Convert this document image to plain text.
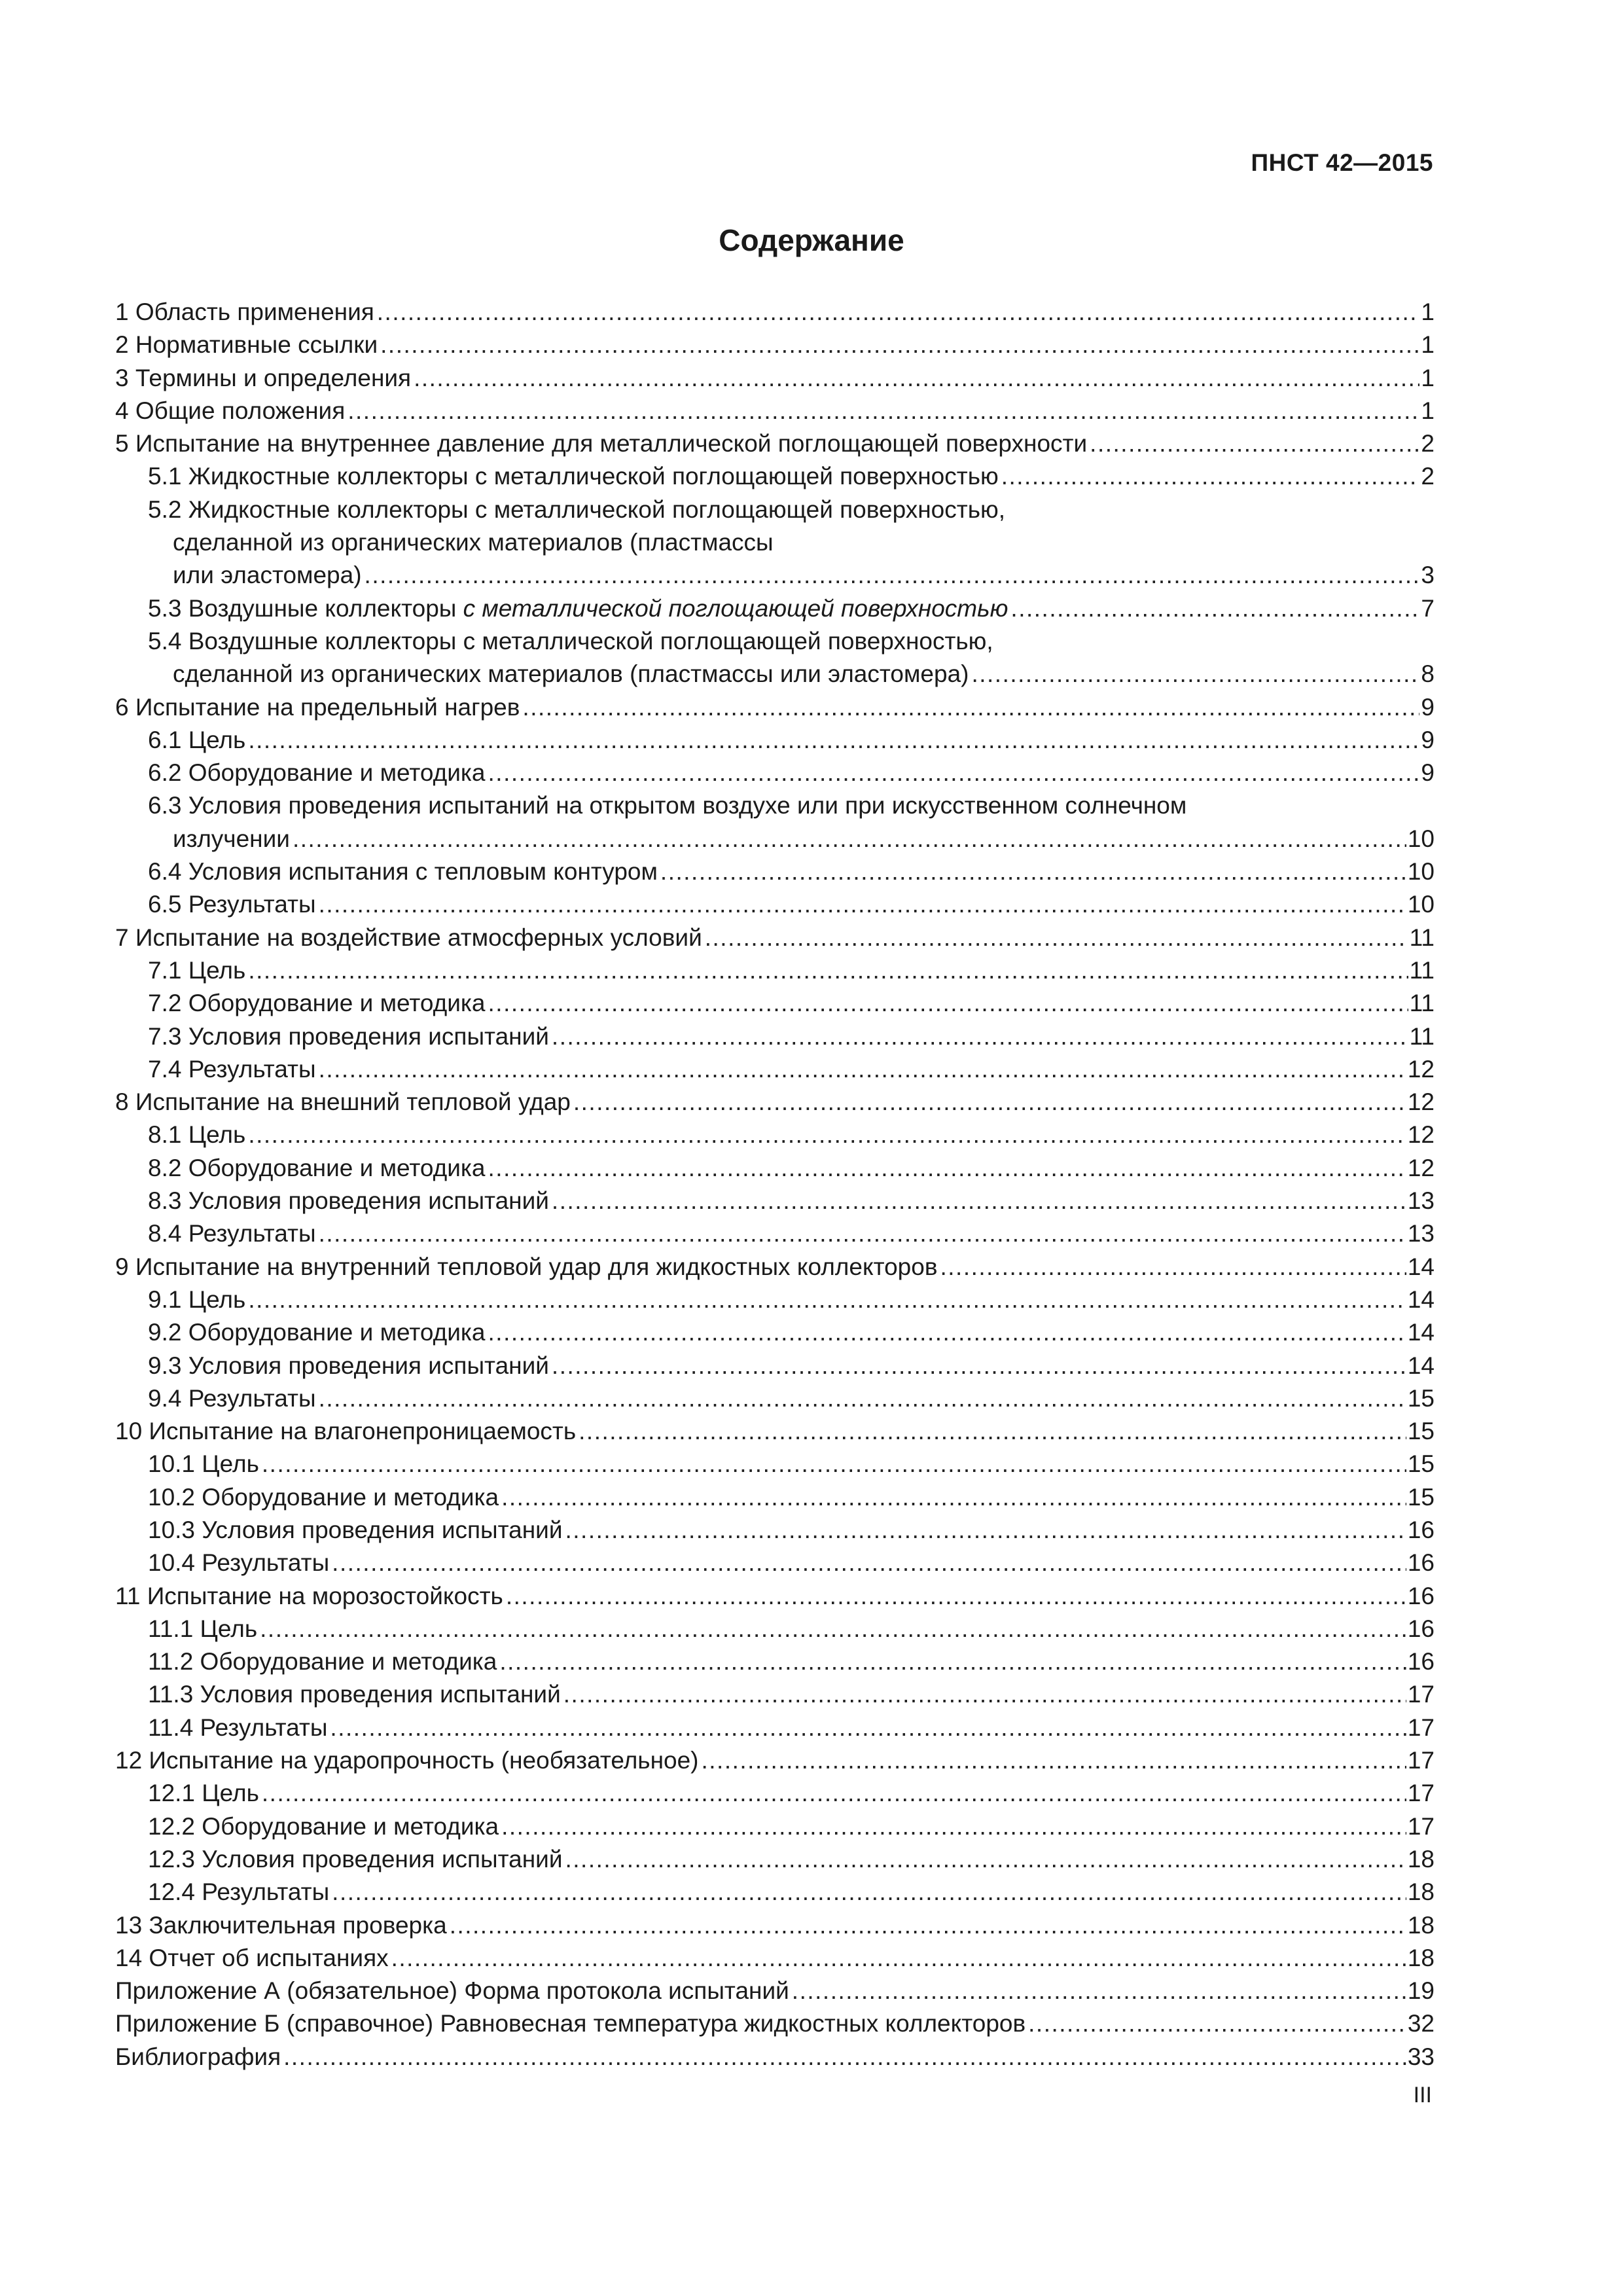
ПНСТ 42—2015
Содержание
1 Область применения .....	1
2 Нормативные ссылки .....	1
3 Термины и определения .....	1
4 Общие положения .....	1
5 Испытание на внутреннее давление для металлической поглощающей поверхности .....	2
5.1 Жидкостные коллекторы с металлической поглощающей поверхностью .....	2
5.2 Жидкостные коллекторы с металлической поглощающей поверхностью,
сделанной из органических материалов (пластмассы
или эластомера) .....	3
5.3 Воздушные коллекторы с металлической поглощающей поверхностью .....	7
5.4 Воздушные коллекторы с металлической поглощающей поверхностью,
сделанной из органических материалов (пластмассы или эластомера) .....	8
6 Испытание на предельный нагрев .....	9
6.1 Цель .....	9
6.2 Оборудование и методика .....	9
6.3 Условия проведения испытаний на открытом воздухе или при искусственном солнечном
излучении .....	10
6.4 Условия испытания с тепловым контуром .....	10
6.5 Результаты .....	10
7 Испытание на воздействие атмосферных условий .....	11
7.1 Цель .....	11
7.2 Оборудование и методика .....	11
7.3 Условия проведения испытаний .....	11
7.4 Результаты .....	12
8 Испытание на внешний тепловой удар .....	12
8.1 Цель .....	12
8.2 Оборудование и методика .....	12
8.3 Условия проведения испытаний .....	13
8.4 Результаты .....	13
9 Испытание на внутренний тепловой удар для жидкостных коллекторов .....	14
9.1 Цель .....	14
9.2 Оборудование и методика .....	14
9.3 Условия проведения испытаний .....	14
9.4 Результаты .....	15
10 Испытание на влагонепроницаемость .....	15
10.1 Цель .....	15
10.2 Оборудование и методика .....	15
10.3 Условия проведения испытаний .....	16
10.4 Результаты .....	16
11 Испытание на морозостойкость .....	16
11.1 Цель .....	16
11.2 Оборудование и методика .....	16
11.3 Условия проведения испытаний .....	17
11.4 Результаты .....	17
12 Испытание на ударопрочность (необязательное) .....	17
12.1 Цель .....	17
12.2 Оборудование и методика .....	17
12.3 Условия проведения испытаний .....	18
12.4 Результаты .....	18
13 Заключительная проверка .....	18
14 Отчет об испытаниях .....	18
Приложение А (обязательное) Форма протокола испытаний .....	19
Приложение Б (справочное) Равновесная температура жидкостных коллекторов .....	32
Библиография .....	33
III
